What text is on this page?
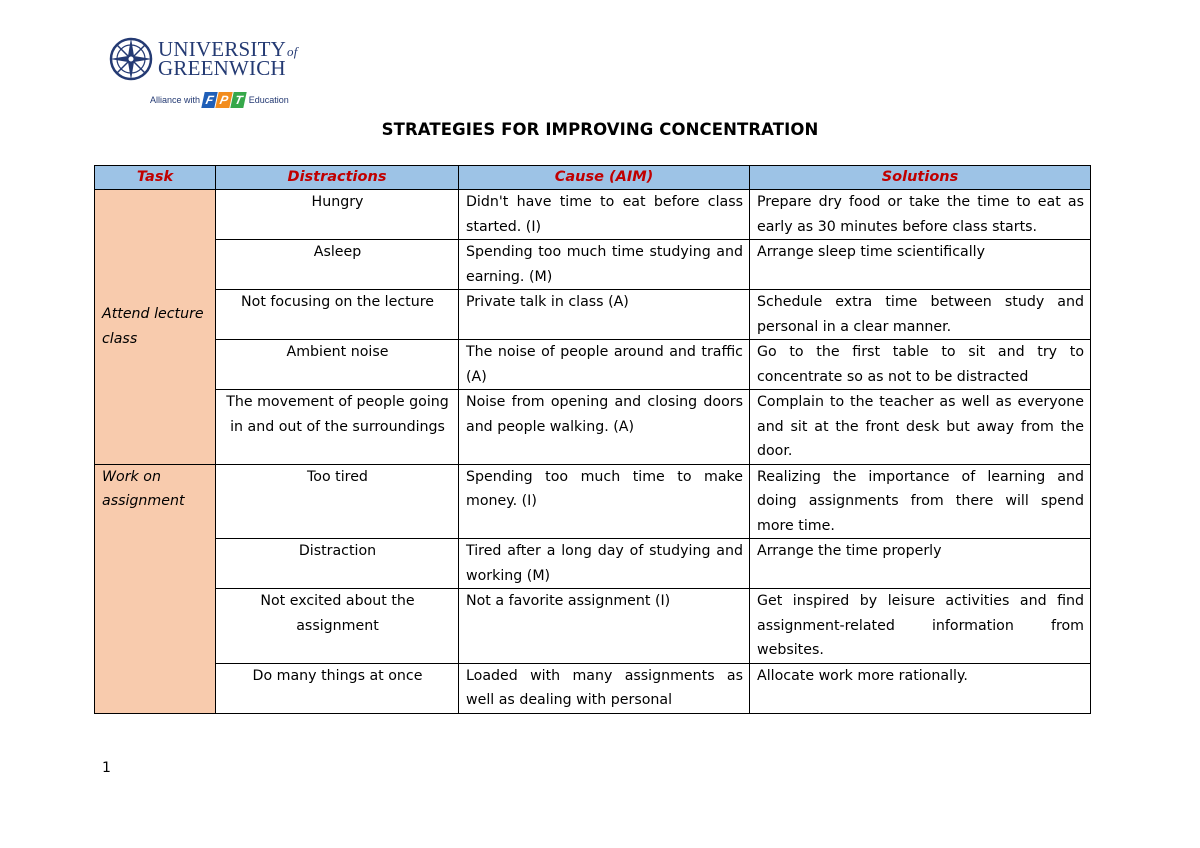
UNIVERSITYof
GREENWICH
Alliance with F P T Education
STRATEGIES FOR IMPROVING CONCENTRATION
Task	Distractions	Cause (AIM)	Solutions
Attend lecture class	Hungry	Didn't have time to eat before class started. (I)	Prepare dry food or take the time to eat as early as 30 minutes before class starts.
	Asleep	Spending too much time studying and earning. (M)	Arrange sleep time scientifically
	Not focusing on the lecture	Private talk in class (A)	Schedule extra time between study and personal in a clear manner.
	Ambient noise	The noise of people around and traffic (A)	Go to the first table to sit and try to concentrate so as not to be distracted
	The movement of people going in and out of the surroundings	Noise from opening and closing doors and people walking. (A)	Complain to the teacher as well as everyone and sit at the front desk but away from the door.
Work on assignment	Too tired	Spending too much time to make money. (I)	Realizing the importance of learning and doing assignments from there will spend more time.
	Distraction	Tired after a long day of studying and working (M)	Arrange the time properly
	Not excited about the assignment	Not a favorite assignment (I)	Get inspired by leisure activities and find assignment-related information from websites.
	Do many things at once	Loaded with many assignments as well as dealing with personal	Allocate work more rationally.
1
